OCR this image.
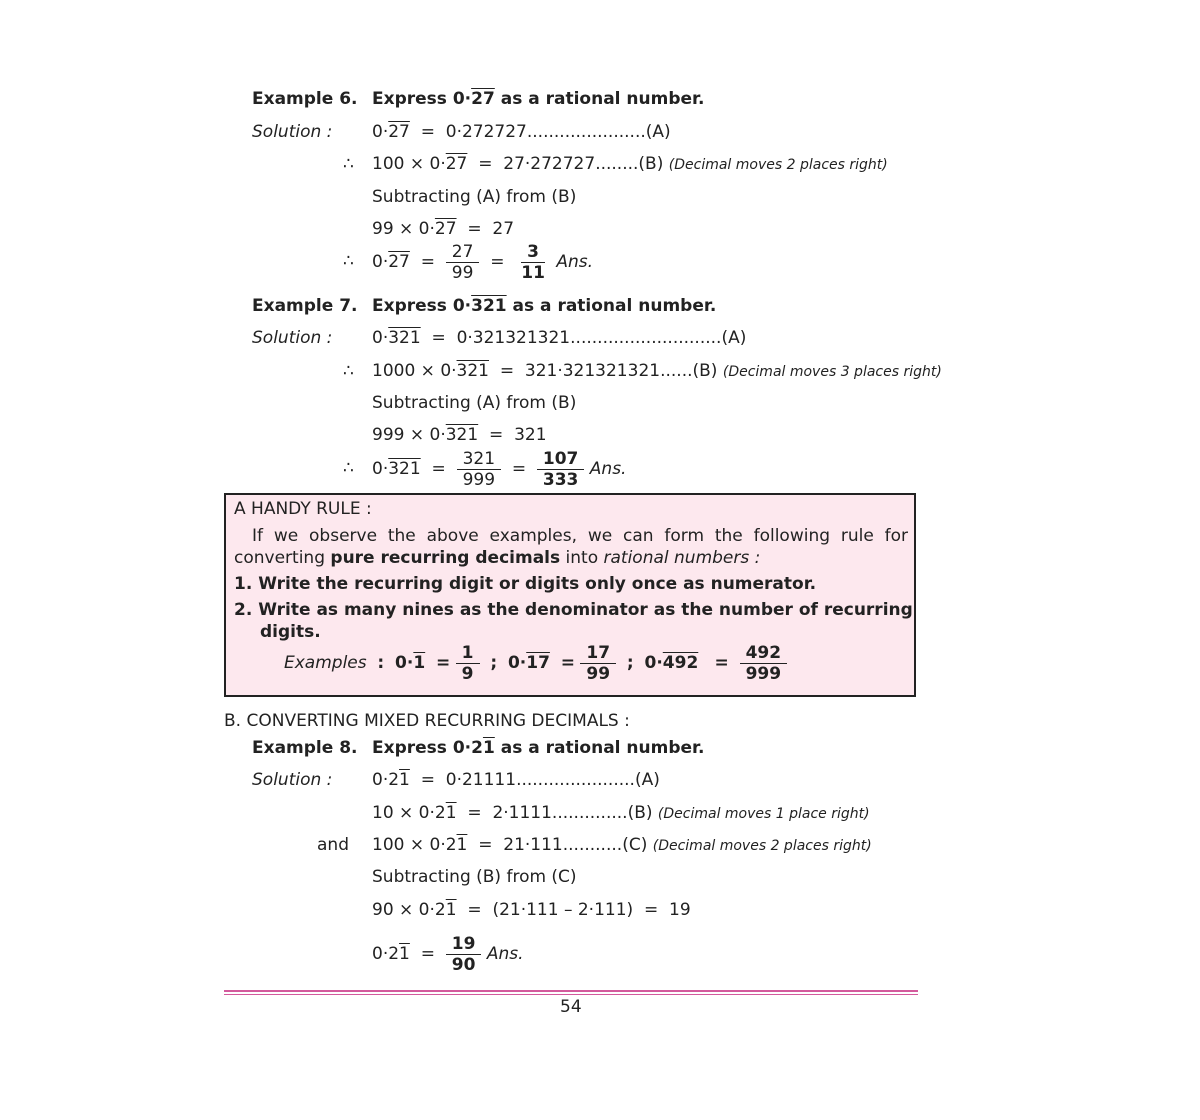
Example 6. Express 0·27 as a rational number.
Solution : 0·27 = 0·272727......................(A)
∴ 100 × 0·27 = 27·272727........(B) (Decimal moves 2 places right)
Subtracting (A) from (B)
99 × 0·27 = 27
∴ $0\cdot 27 = \frac{27}{99} = \frac{3}{11}$ Ans.
Example 7. Express 0·321 as a rational number.
Solution : 0·321 = 0·321321321............................(A)
∴ 1000 × 0·321 = 321·321321321......(B) (Decimal moves 3 places right)
Subtracting (A) from (B)
999 × 0·321 = 321
∴ $0\cdot 321 = \frac{321}{999} = \frac{107}{333}$ Ans.
A HANDY RULE :
If we observe the above examples, we can form the following rule for
converting pure recurring decimals into rational numbers :
1. Write the recurring digit or digits only once as numerator.
2. Write as many nines as the denominator as the number of recurring
digits.
Examples : $0\cdot 1 = \frac{1}{9}$ ; $0\cdot 17 = \frac{17}{99}$ ; $0\cdot 492 = \frac{492}{999}$
B. CONVERTING MIXED RECURRING DECIMALS :
Example 8. Express 0·21 as a rational number.
Solution : 0·21 = 0·21111......................(A)
10 × 0·21 = 2·1111..............(B) (Decimal moves 1 place right)
and 100 × 0·21 = 21·111...........(C) (Decimal moves 2 places right)
Subtracting (B) from (C)
90 × 0·21 = (21·111 – 2·111) = 19
$0\cdot 21 = \frac{19}{90}$ Ans.
54
